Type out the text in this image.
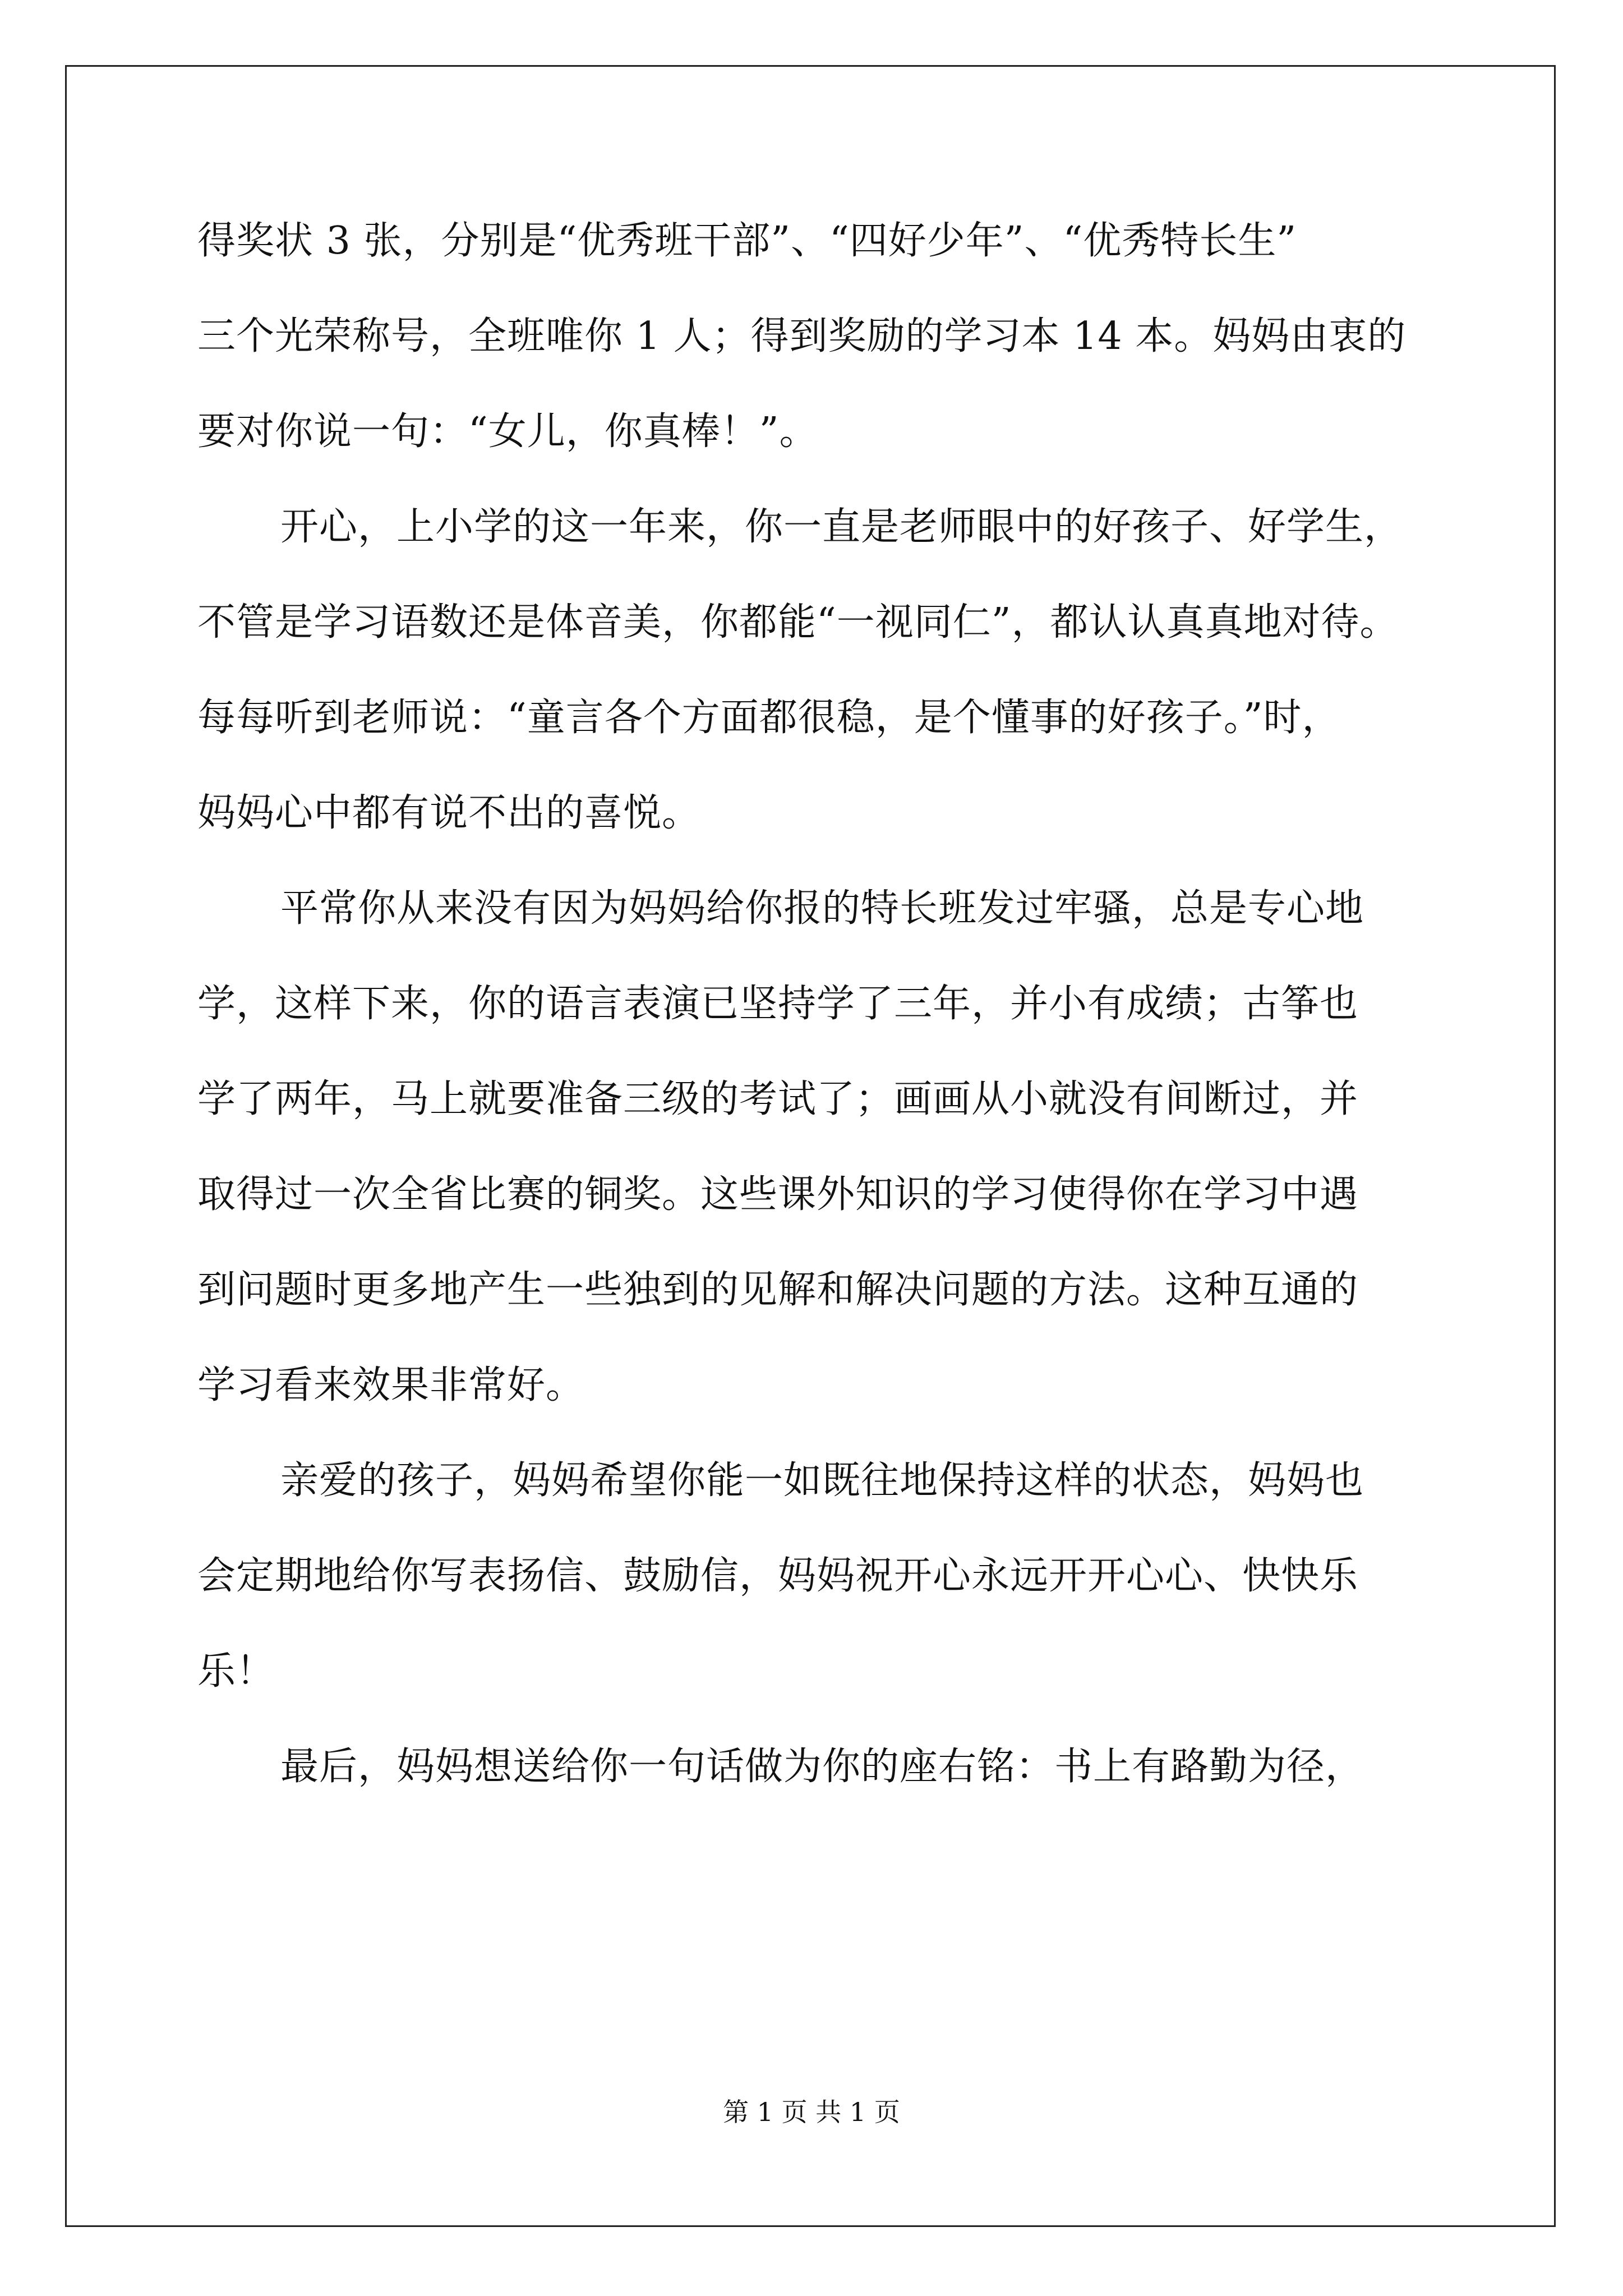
得奖状 3 张，分别是“优秀班干部”、“四好少年”、“优秀特长生”
三个光荣称号，全班唯你 1 人；得到奖励的学习本 14 本。妈妈由衷的
要对你说一句：“女儿，你真棒！”。
开心，上小学的这一年来，你一直是老师眼中的好孩子、好学生，
不管是学习语数还是体音美，你都能“一视同仁”，都认认真真地对待。
每每听到老师说：“童言各个方面都很稳，是个懂事的好孩子。”时，
妈妈心中都有说不出的喜悦。
平常你从来没有因为妈妈给你报的特长班发过牢骚，总是专心地
学，这样下来，你的语言表演已坚持学了三年，并小有成绩；古筝也
学了两年，马上就要准备三级的考试了；画画从小就没有间断过，并
取得过一次全省比赛的铜奖。这些课外知识的学习使得你在学习中遇
到问题时更多地产生一些独到的见解和解决问题的方法。这种互通的
学习看来效果非常好。
亲爱的孩子，妈妈希望你能一如既往地保持这样的状态，妈妈也
会定期地给你写表扬信、鼓励信，妈妈祝开心永远开开心心、快快乐
乐！
最后，妈妈想送给你一句话做为你的座右铭：书上有路勤为径，
第 1 页 共 1 页
